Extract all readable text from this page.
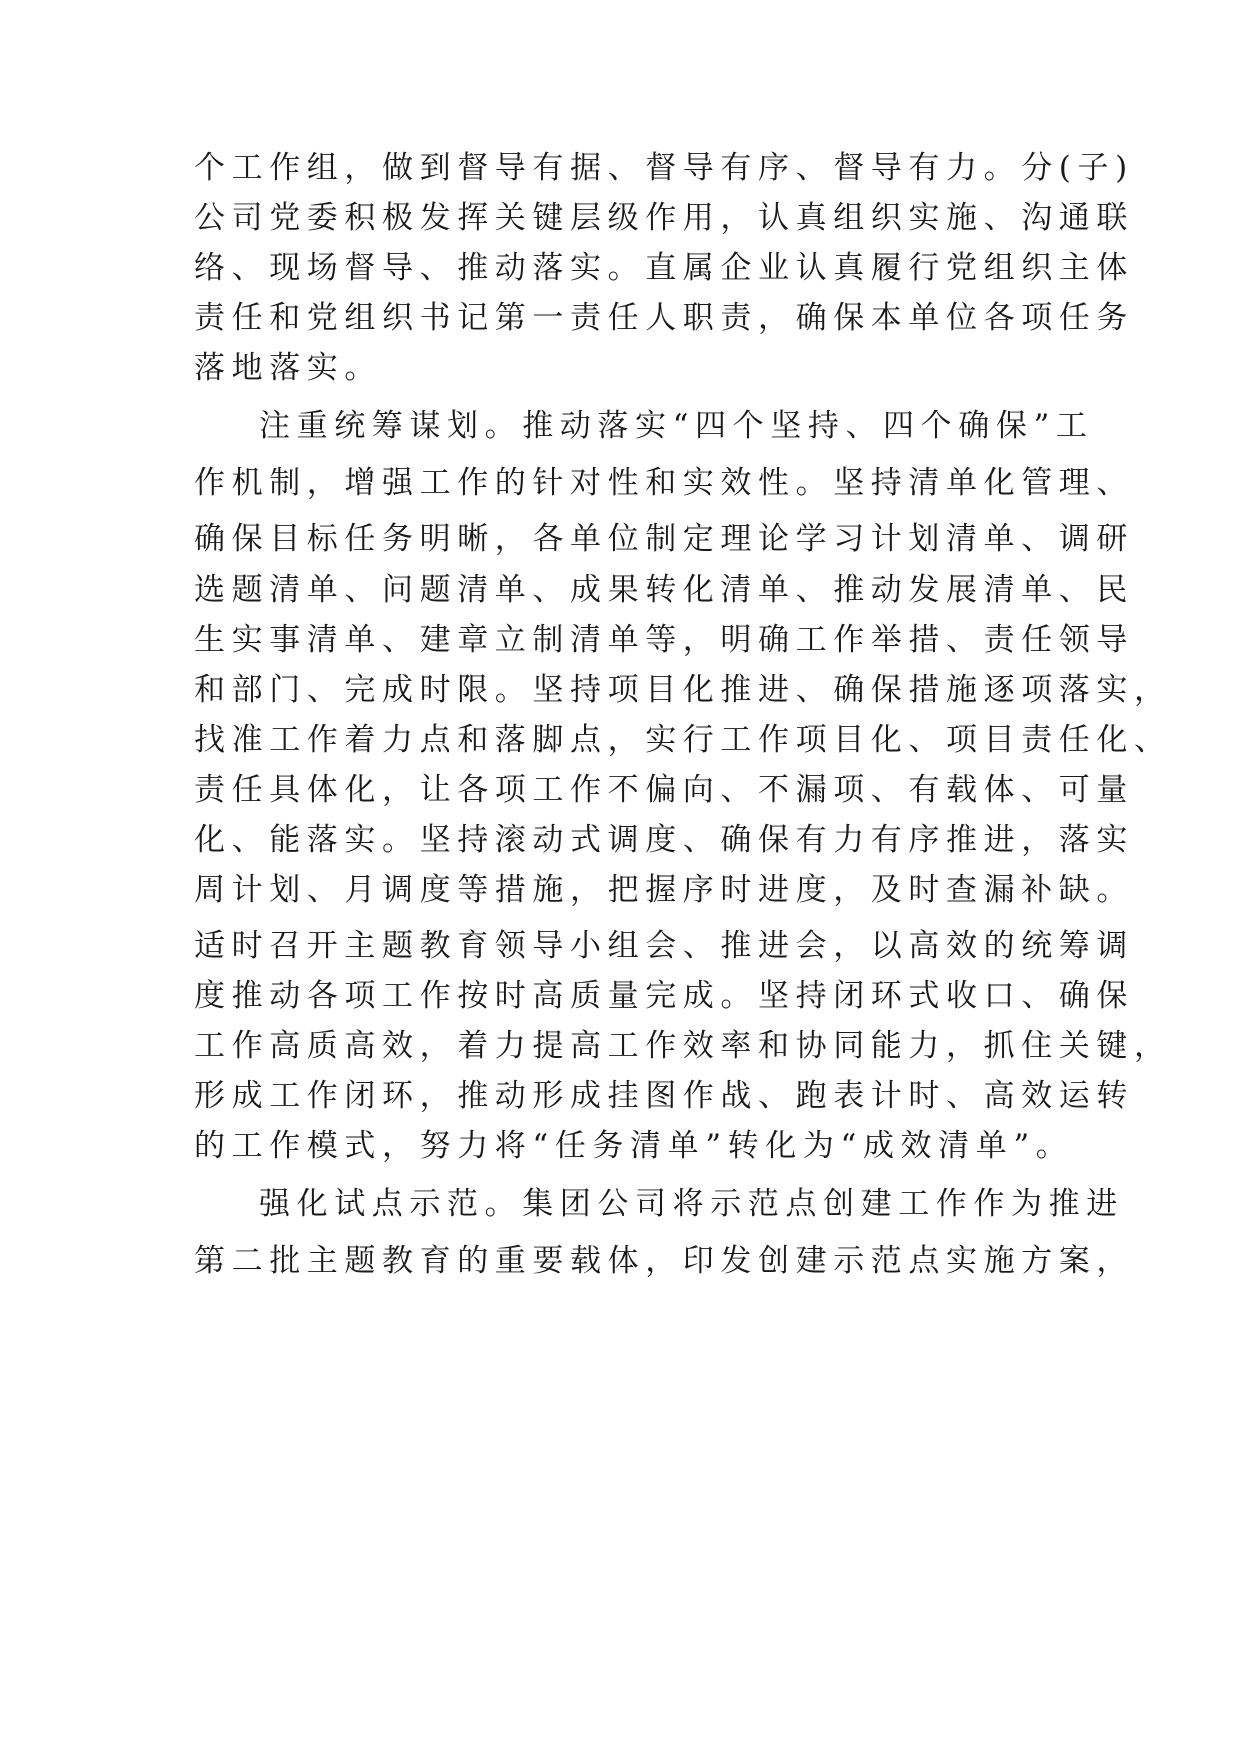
个工作组，做到督导有据、督导有序、督导有力。分(子)
公司党委积极发挥关键层级作用，认真组织实施、沟通联
络、现场督导、推动落实。直属企业认真履行党组织主体
责任和党组织书记第一责任人职责，确保本单位各项任务
落地落实。
注重统筹谋划。推动落实“四个坚持、四个确保”工
作机制，增强工作的针对性和实效性。坚持清单化管理、
确保目标任务明晰，各单位制定理论学习计划清单、调研
选题清单、问题清单、成果转化清单、推动发展清单、民
生实事清单、建章立制清单等，明确工作举措、责任领导
和部门、完成时限。坚持项目化推进、确保措施逐项落实，
找准工作着力点和落脚点，实行工作项目化、项目责任化、
责任具体化，让各项工作不偏向、不漏项、有载体、可量
化、能落实。坚持滚动式调度、确保有力有序推进，落实
周计划、月调度等措施，把握序时进度，及时查漏补缺。
适时召开主题教育领导小组会、推进会，以高效的统筹调
度推动各项工作按时高质量完成。坚持闭环式收口、确保
工作高质高效，着力提高工作效率和协同能力，抓住关键，
形成工作闭环，推动形成挂图作战、跑表计时、高效运转
的工作模式，努力将“任务清单”转化为“成效清单”。
强化试点示范。集团公司将示范点创建工作作为推进
第二批主题教育的重要载体，印发创建示范点实施方案，
